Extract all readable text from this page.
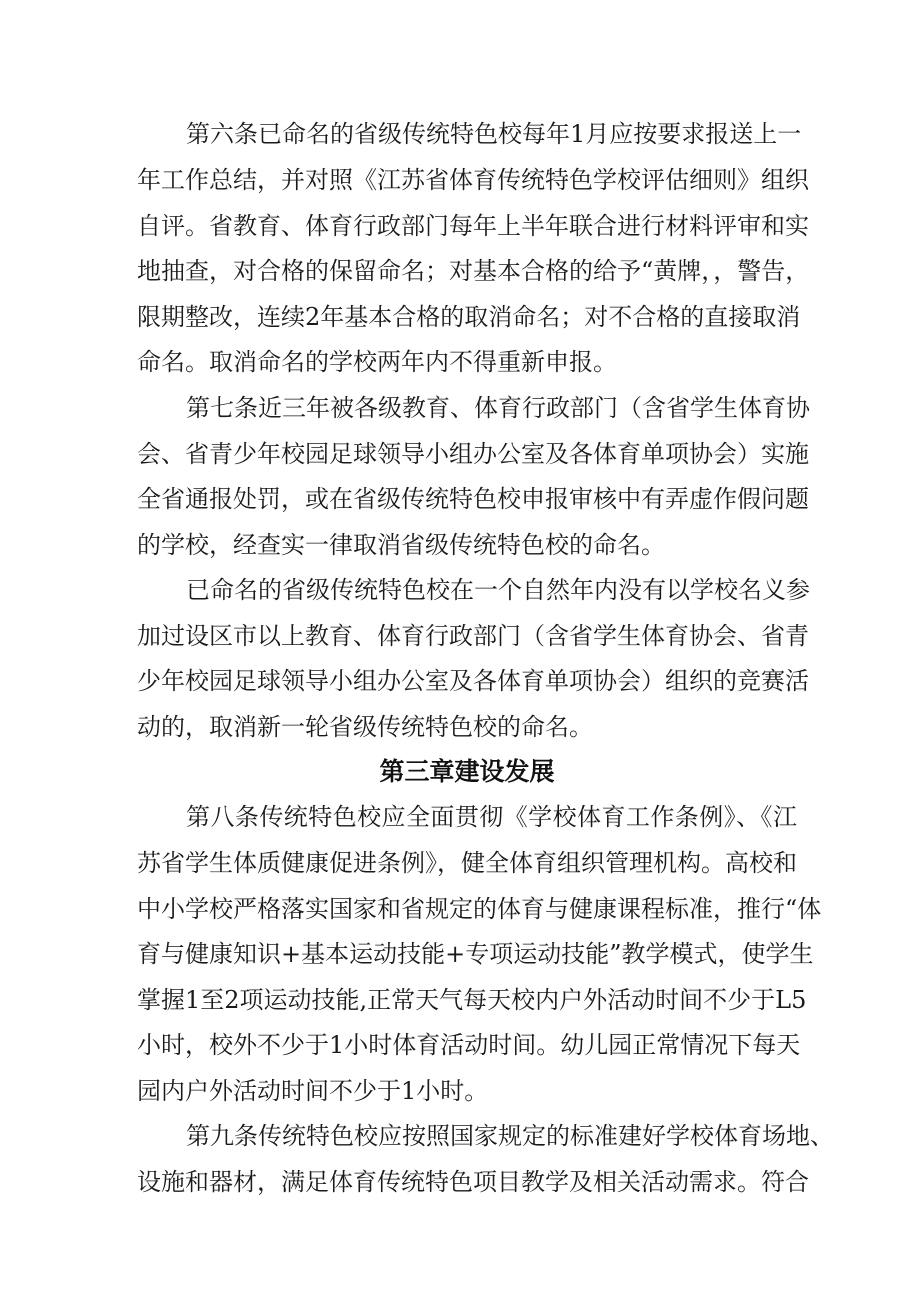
第六条已命名的省级传统特色校每年1月应按要求报送上一
年工作总结，并对照《江苏省体育传统特色学校评估细则》组织
自评。省教育、体育行政部门每年上半年联合进行材料评审和实
地抽查，对合格的保留命名；对基本合格的给予“黄牌，，警告，
限期整改，连续2年基本合格的取消命名；对不合格的直接取消
命名。取消命名的学校两年内不得重新申报。
第七条近三年被各级教育、体育行政部门（含省学生体育协
会、省青少年校园足球领导小组办公室及各体育单项协会）实施
全省通报处罚，或在省级传统特色校申报审核中有弄虚作假问题
的学校，经查实一律取消省级传统特色校的命名。
已命名的省级传统特色校在一个自然年内没有以学校名义参
加过设区市以上教育、体育行政部门（含省学生体育协会、省青
少年校园足球领导小组办公室及各体育单项协会）组织的竞赛活
动的，取消新一轮省级传统特色校的命名。
第三章建设发展
第八条传统特色校应全面贯彻《学校体育工作条例》、《江
苏省学生体质健康促进条例》，健全体育组织管理机构。高校和
中小学校严格落实国家和省规定的体育与健康课程标准，推行“体
育与健康知识+基本运动技能+专项运动技能”教学模式，使学生
掌握1至2项运动技能,正常天气每天校内户外活动时间不少于L5
小时，校外不少于1小时体育活动时间。幼儿园正常情况下每天
园内户外活动时间不少于1小时。
第九条传统特色校应按照国家规定的标准建好学校体育场地、
设施和器材，满足体育传统特色项目教学及相关活动需求。符合
